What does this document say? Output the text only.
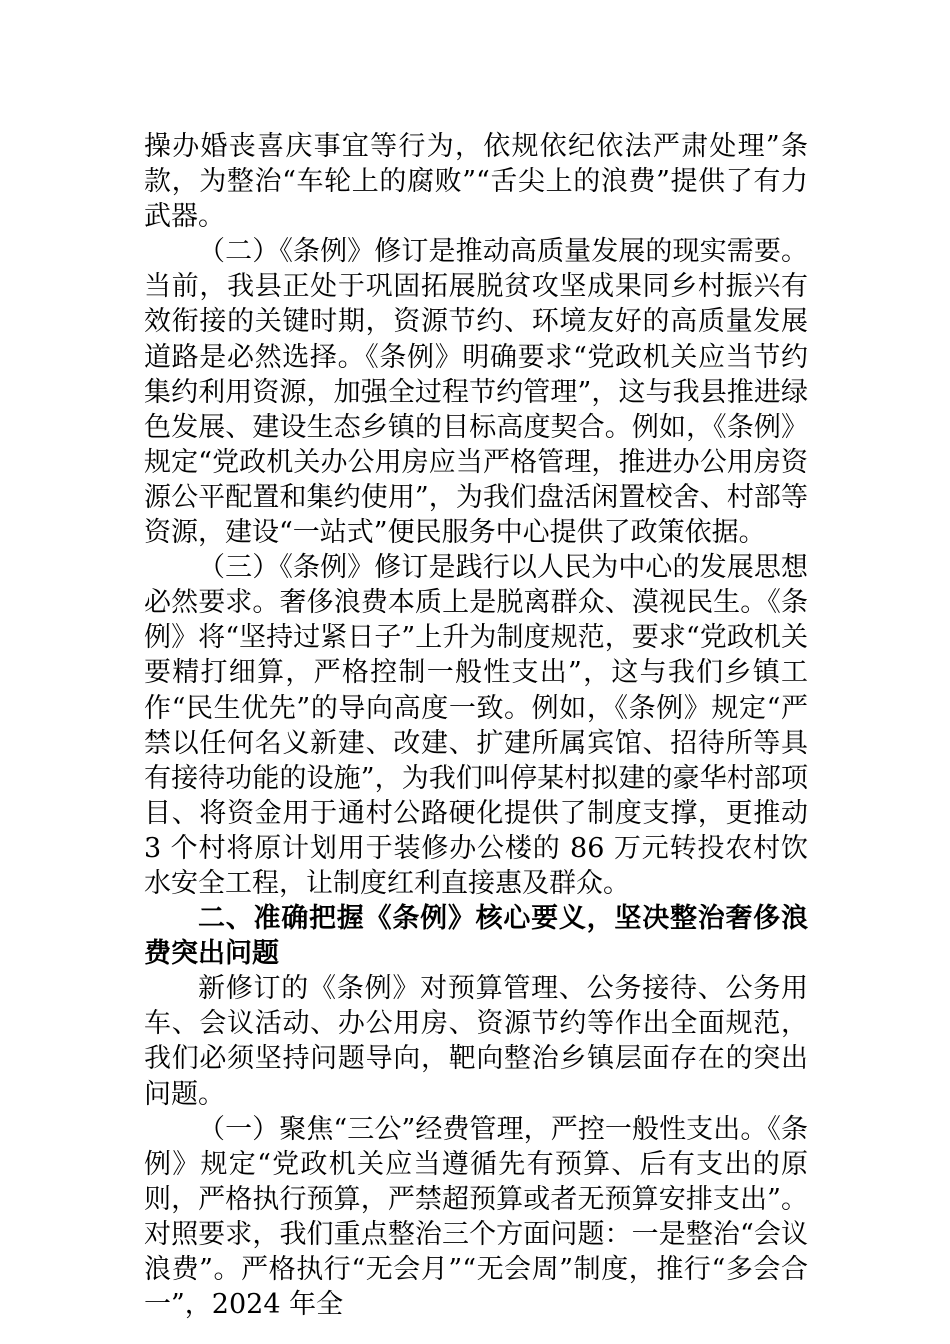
操办婚丧喜庆事宜等行为，依规依纪依法严肃处理”条款，为整治“车轮上的腐败”“舌尖上的浪费”提供了有力武器。

（二）《条例》修订是推动高质量发展的现实需要。当前，我县正处于巩固拓展脱贫攻坚成果同乡村振兴有效衔接的关键时期，资源节约、环境友好的高质量发展道路是必然选择。《条例》明确要求“党政机关应当节约集约利用资源，加强全过程节约管理”，这与我县推进绿色发展、建设生态乡镇的目标高度契合。例如，《条例》规定“党政机关办公用房应当严格管理，推进办公用房资源公平配置和集约使用”，为我们盘活闲置校舍、村部等资源，建设“一站式”便民服务中心提供了政策依据。

（三）《条例》修订是践行以人民为中心的发展思想必然要求。奢侈浪费本质上是脱离群众、漠视民生。《条例》将“坚持过紧日子”上升为制度规范，要求“党政机关要精打细算，严格控制一般性支出”，这与我们乡镇工作“民生优先”的导向高度一致。例如，《条例》规定“严禁以任何名义新建、改建、扩建所属宾馆、招待所等具有接待功能的设施”，为我们叫停某村拟建的豪华村部项目、将资金用于通村公路硬化提供了制度支撑，更推动 3 个村将原计划用于装修办公楼的 86 万元转投农村饮水安全工程，让制度红利直接惠及群众。

二、准确把握《条例》核心要义，坚决整治奢侈浪费突出问题

新修订的《条例》对预算管理、公务接待、公务用车、会议活动、办公用房、资源节约等作出全面规范，我们必须坚持问题导向，靶向整治乡镇层面存在的突出问题。

（一）聚焦“三公”经费管理，严控一般性支出。《条例》规定“党政机关应当遵循先有预算、后有支出的原则，严格执行预算，严禁超预算或者无预算安排支出”。对照要求，我们重点整治三个方面问题：一是整治“会议浪费”。严格执行“无会月”“无会周”制度，推行“多会合一”，2024 年全
